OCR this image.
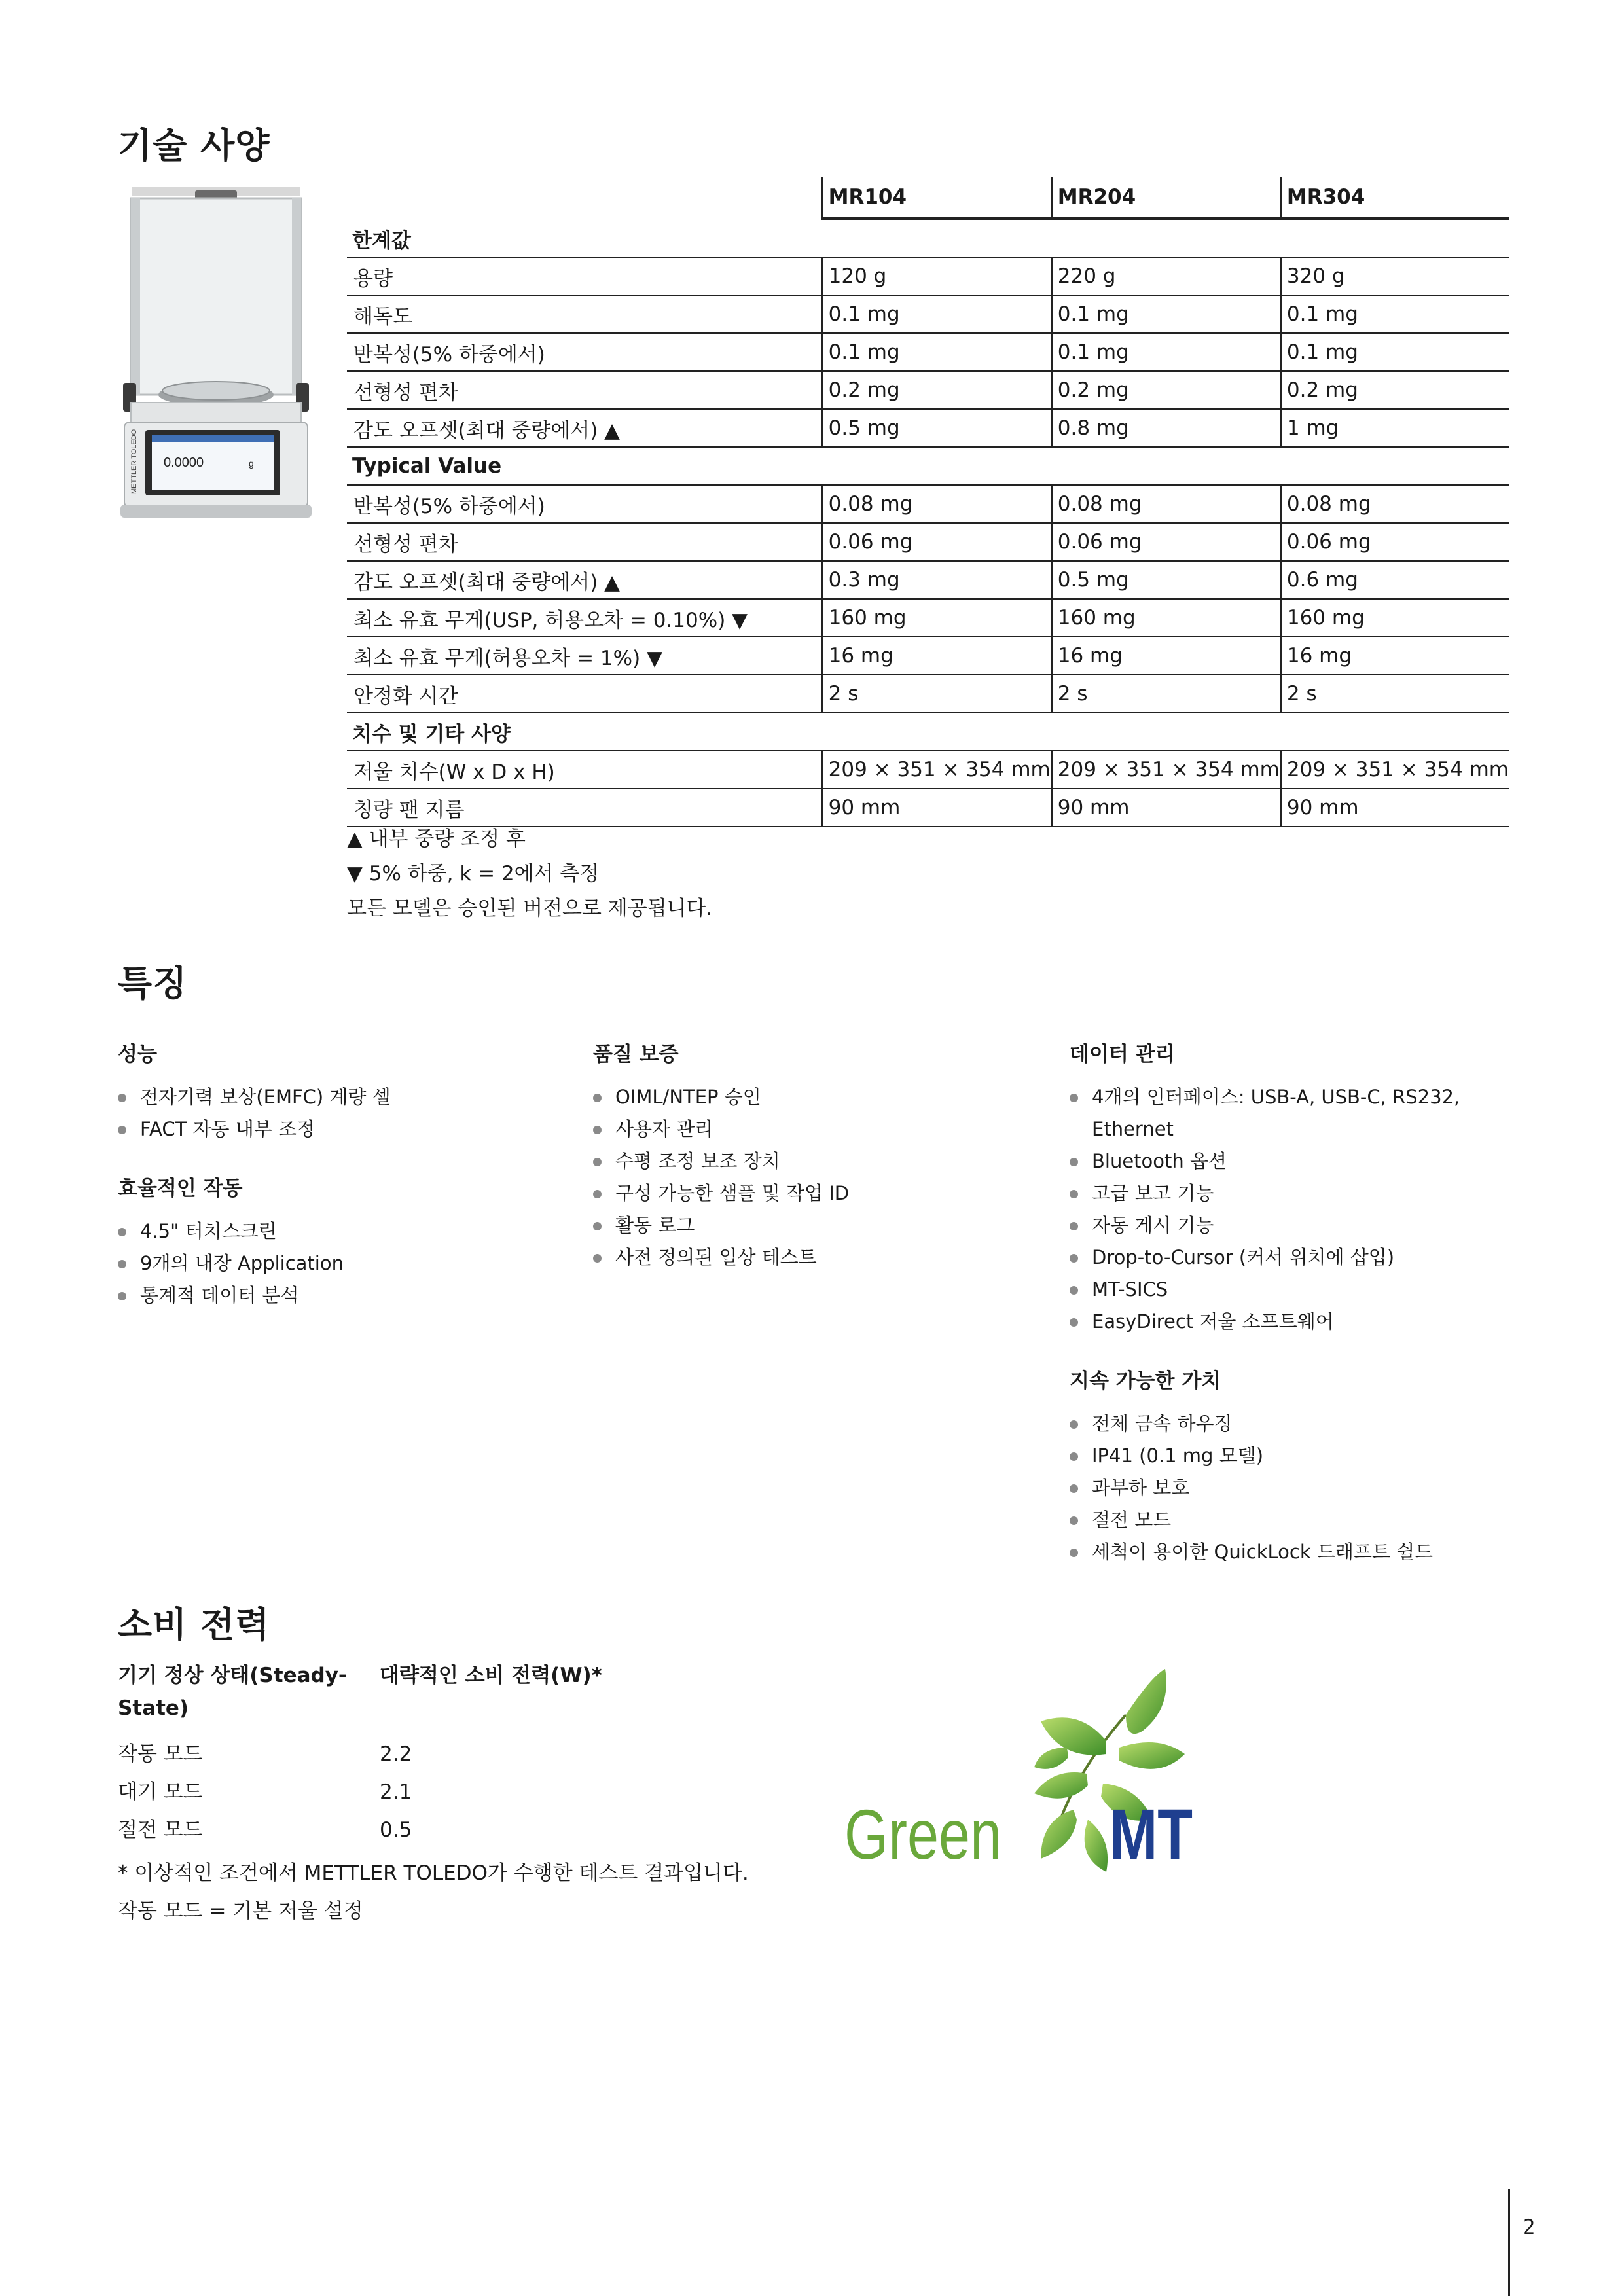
기술 사양
0.0000	g
METTLER TOLEDO
	MR104	MR204	MR304
한계값			
용량	120 g	220 g	320 g
해독도	0.1 mg	0.1 mg	0.1 mg
반복성(5% 하중에서)	0.1 mg	0.1 mg	0.1 mg
선형성 편차	0.2 mg	0.2 mg	0.2 mg
감도 오프셋(최대 중량에서) ▲	0.5 mg	0.8 mg	1 mg
Typical Value			
반복성(5% 하중에서)	0.08 mg	0.08 mg	0.08 mg
선형성 편차	0.06 mg	0.06 mg	0.06 mg
감도 오프셋(최대 중량에서) ▲	0.3 mg	0.5 mg	0.6 mg
최소 유효 무게(USP, 허용오차 = 0.10%) ▼	160 mg	160 mg	160 mg
최소 유효 무게(허용오차 = 1%) ▼	16 mg	16 mg	16 mg
안정화 시간	2 s	2 s	2 s
치수 및 기타 사양			
저울 치수(W x D x H)	209 × 351 × 354 mm	209 × 351 × 354 mm	209 × 351 × 354 mm
칭량 팬 지름	90 mm	90 mm	90 mm
▲ 내부 중량 조정 후
▼ 5% 하중, k = 2에서 측정
모든 모델은 승인된 버전으로 제공됩니다.
특징
성능
전자기력 보상(EMFC) 계량 셀
FACT 자동 내부 조정
효율적인 작동
4.5" 터치스크린
9개의 내장 Application
통계적 데이터 분석
품질 보증
OIML/NTEP 승인
사용자 관리
수평 조정 보조 장치
구성 가능한 샘플 및 작업 ID
활동 로그
사전 정의된 일상 테스트
데이터 관리
4개의 인터페이스: USB-A, USB-C, RS232, Ethernet
Bluetooth 옵션
고급 보고 기능
자동 게시 기능
Drop-to-Cursor (커서 위치에 삽입)
MT-SICS
EasyDirect 저울 소프트웨어
지속 가능한 가치
전체 금속 하우징
IP41 (0.1 mg 모델)
과부하 보호
절전 모드
세척이 용이한 QuickLock 드래프트 쉴드
소비 전력
기기 정상 상태(Steady-
State)
대략적인 소비 전력(W)*
작동 모드	2.2
대기 모드	2.1
절전 모드	0.5
* 이상적인 조건에서 METTLER TOLEDO가 수행한 테스트 결과입니다.
작동 모드 = 기본 저울 설정
Green MT
2
